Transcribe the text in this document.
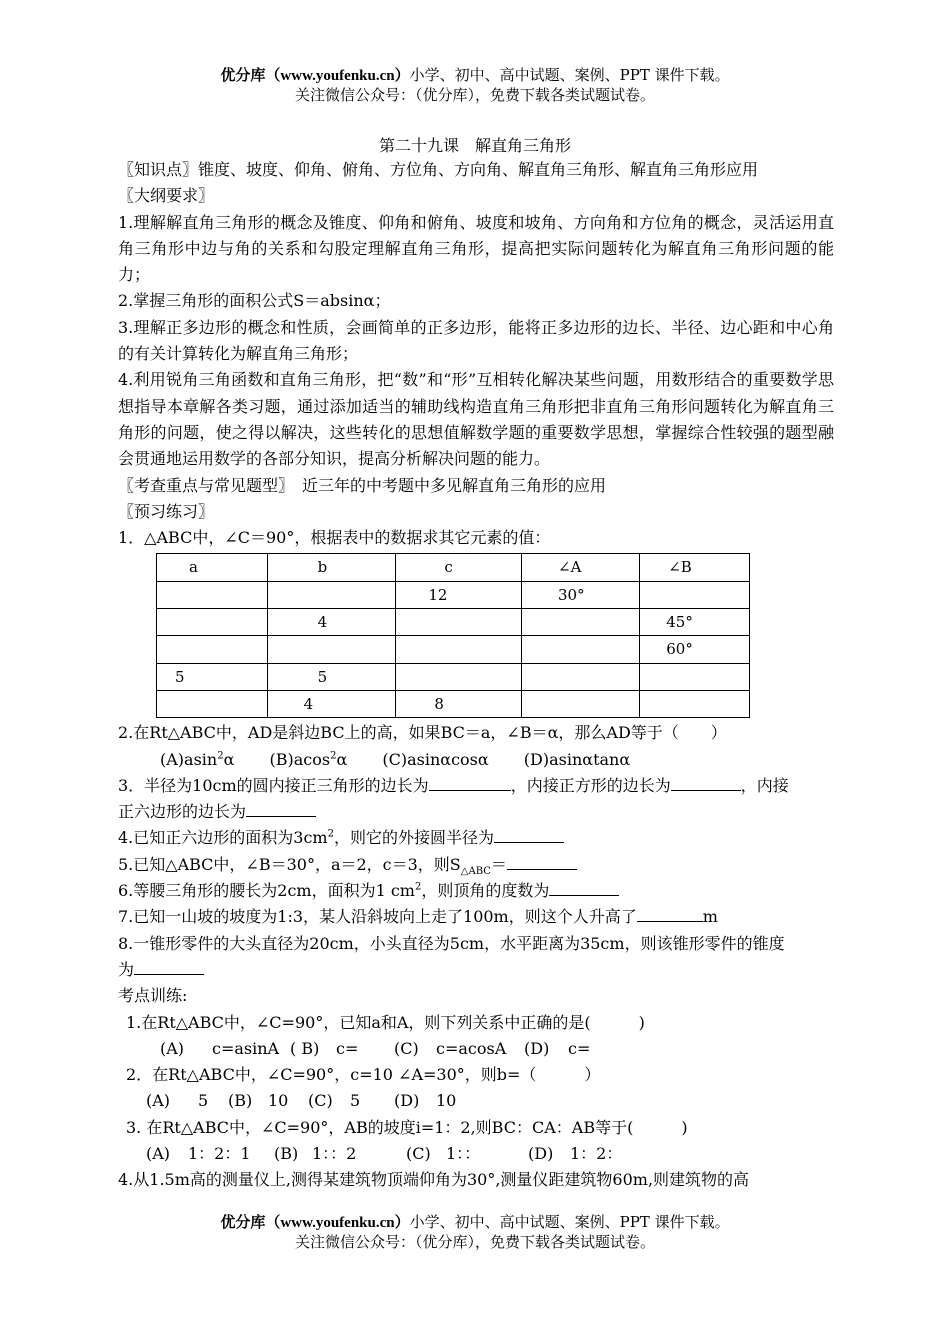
优分库（www.youfenku.cn）小学、初中、高中试题、案例、PPT 课件下载。
关注微信公众号：（优分库），免费下载各类试题试卷。
第二十九课　解直角三角形

〖知识点〗锥度、坡度、仰角、俯角、方位角、方向角、解直角三角形、解直角三角形应用

〖大纲要求〗

1.理解解直角三角形的概念及锥度、仰角和俯角、坡度和坡角、方向角和方位角的概念，灵活运用直角三角形中边与角的关系和勾股定理解直角三角形，提高把实际问题转化为解直角三角形问题的能力；

2.掌握三角形的面积公式S＝absinα；

3.理解正多边形的概念和性质，会画简单的正多边形，能将正多边形的边长、半径、边心距和中心角的有关计算转化为解直角三角形；

4.利用锐角三角函数和直角三角形，把“数”和“形”互相转化解决某些问题，用数形结合的重要数学思想指导本章解各类习题，通过添加适当的辅助线构造直角三角形把非直角三角形问题转化为解直角三角形的问题，使之得以解决，这些转化的思想值解数学题的重要数学思想，掌握综合性较强的题型融会贯通地运用数学的各部分知识，提高分析解决问题的能力。

〖考查重点与常见题型〗　近三年的中考题中多见解直角三角形的应用

〖预习练习〗

1．△ABC中，∠C＝90°，根据表中的数据求其它元素的值：

a	b	c	∠A	∠B
		12	30°	
	4			45°
				60°
5	5			
	4	8		

2.在Rt△ABC中，AD是斜边BC上的高，如果BC＝a，∠B＝α，那么AD等于（　　）

(A)asin$^2$α (B)acos$^2$α (C)asinαcosα (D)asinαtanα

3．半径为10cm的圆内接正三角形的边长为	，内接正方形的边长为	，内接

正六边形的边长为

4.已知正六边形的面积为$3cm^2$，则它的外接圆半径为

5.已知△ABC中，∠B＝30°，a＝2，c＝3，则$S_{\triangle ABC}=$

6.等腰三角形的腰长为2cm，面积为1 $cm^2$，则顶角的度数为

7.已知一山坡的坡度为1:3，某人沿斜坡向上走了100m，则这个人升高了	m

8.一锥形零件的大头直径为20cm，小头直径为5cm，水平距离为35cm，则该锥形零件的锥度

为

考点训练:

1.在Rt△ABC中，∠C=90°，已知a和A，则下列关系中正确的是(　　　)

(A) c=asinA ( B) c= (C) c=acosA (D) c=

2．在Rt△ABC中，∠C=90°，c=10 ∠A=30°，则b=（　　　）

(A) 5 (B) 10 (C) 5 (D) 10

3. 在Rt△ABC中，∠C=90°，AB的坡度i=1：2,则BC：CA：AB等于(　　　)

(A) 1：2：1 (B) 1：：2	(C) 1：：	(D) 1：2：

4.从1.5m高的测量仪上,测得某建筑物顶端仰角为30°,测量仪距建筑物60m,则建筑物的高

优分库（www.youfenku.cn）小学、初中、高中试题、案例、PPT 课件下载。
关注微信公众号：（优分库），免费下载各类试题试卷。
